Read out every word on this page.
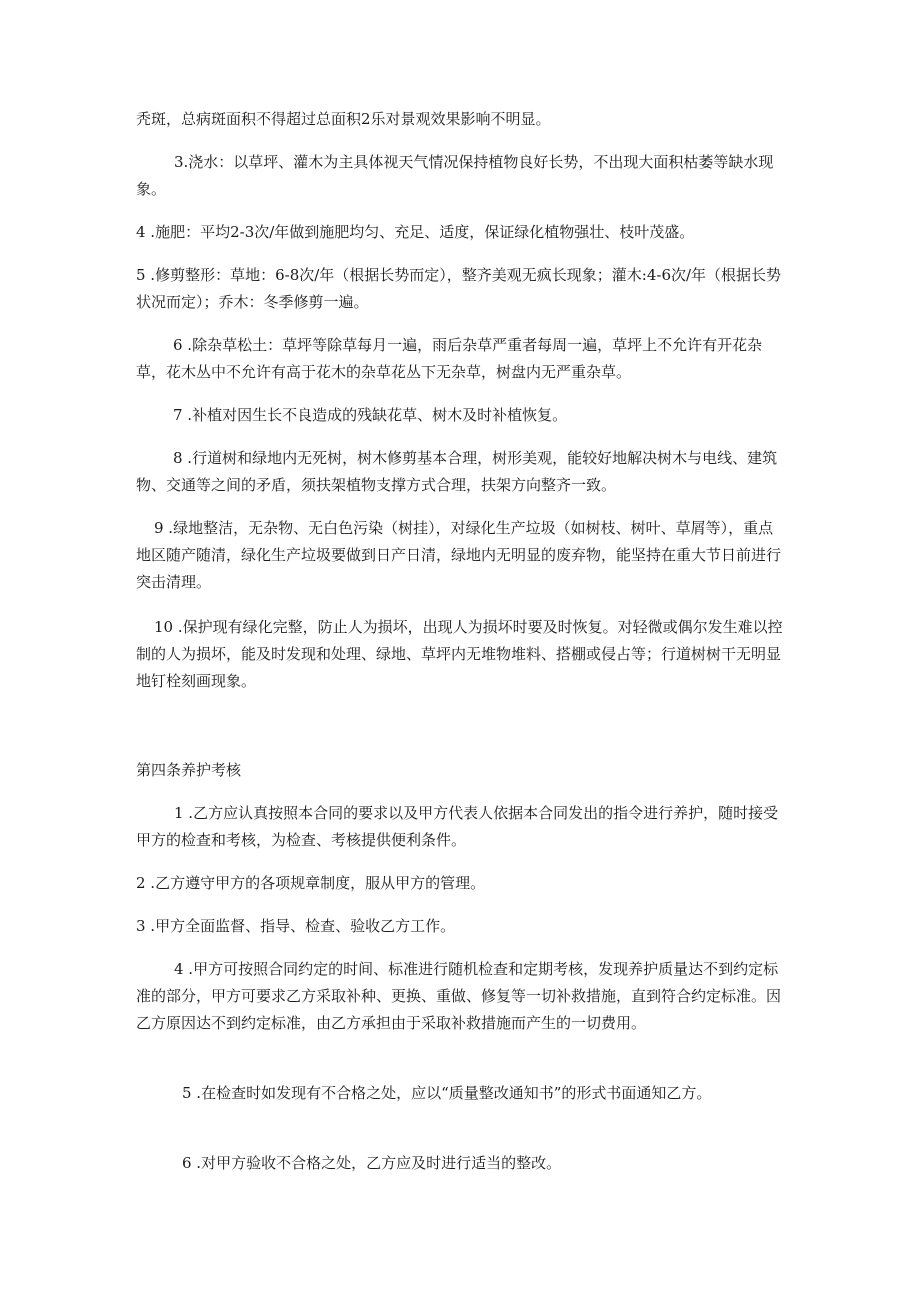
秃斑，总病斑面积不得超过总面积2乐对景观效果影响不明显。

3.浇水：以草坪、灌木为主具体视天气情况保持植物良好长势，不出现大面积枯萎等缺水现象。

4 .施肥：平均2-3次/年做到施肥均匀、充足、适度，保证绿化植物强壮、枝叶茂盛。

5 .修剪整形：草地：6-8次/年（根据长势而定），整齐美观无疯长现象；灌木:4-6次/年（根据长势状况而定）；乔木：冬季修剪一遍。

6 .除杂草松土：草坪等除草每月一遍，雨后杂草严重者每周一遍，草坪上不允许有开花杂草，花木丛中不允许有高于花木的杂草花丛下无杂草，树盘内无严重杂草。

7 .补植对因生长不良造成的残缺花草、树木及时补植恢复。

8 .行道树和绿地内无死树，树木修剪基本合理，树形美观，能较好地解决树木与电线、建筑物、交通等之间的矛盾，须扶架植物支撑方式合理，扶架方向整齐一致。

9 .绿地整洁，无杂物、无白色污染（树挂），对绿化生产垃圾（如树枝、树叶、草屑等），重点地区随产随清，绿化生产垃圾要做到日产日清，绿地内无明显的废弃物，能坚持在重大节日前进行突击清理。

10 .保护现有绿化完整，防止人为损坏，出现人为损坏时要及时恢复。对轻微或偶尔发生难以控制的人为损坏，能及时发现和处理、绿地、草坪内无堆物堆料、搭棚或侵占等；行道树树干无明显地钉栓刻画现象。

第四条养护考核

1 .乙方应认真按照本合同的要求以及甲方代表人依据本合同发出的指令进行养护，随时接受甲方的检查和考核，为检查、考核提供便利条件。

2 .乙方遵守甲方的各项规章制度，服从甲方的管理。

3 .甲方全面监督、指导、检查、验收乙方工作。

4 .甲方可按照合同约定的时间、标准进行随机检查和定期考核，发现养护质量达不到约定标准的部分，甲方可要求乙方采取补种、更换、重做、修复等一切补救措施，直到符合约定标准。因乙方原因达不到约定标准，由乙方承担由于采取补救措施而产生的一切费用。

5 .在检查时如发现有不合格之处，应以“质量整改通知书”的形式书面通知乙方。

6 .对甲方验收不合格之处，乙方应及时进行适当的整改。
